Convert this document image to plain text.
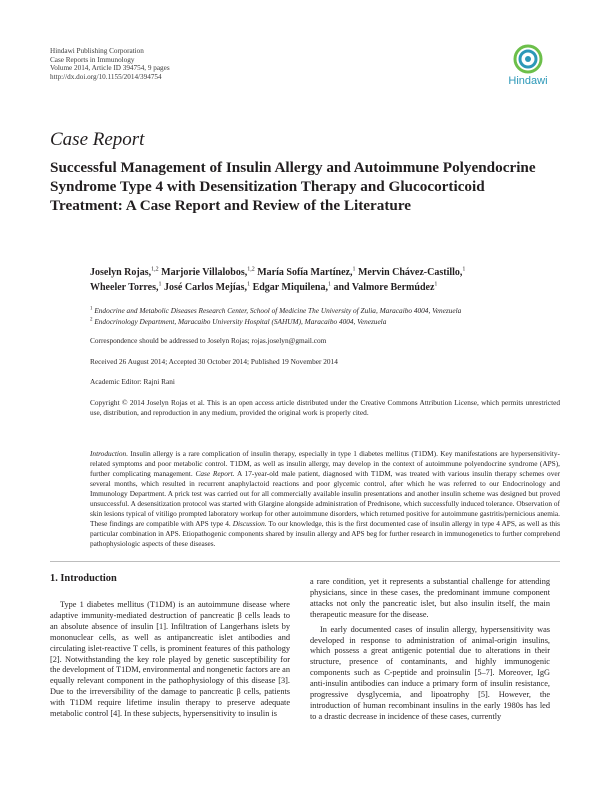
Hindawi Publishing Corporation
Case Reports in Immunology
Volume 2014, Article ID 394754, 9 pages
http://dx.doi.org/10.1155/2014/394754	Hindawi
Case Report
Successful Management of Insulin Allergy and Autoimmune Polyendocrine Syndrome Type 4 with Desensitization Therapy and Glucocorticoid Treatment: A Case Report and Review of the Literature
Joselyn Rojas,$^{1,2}$ Marjorie Villalobos,$^{1,2}$ María Sofía Martínez,$^1$ Mervin Chávez-Castillo,$^1$
Wheeler Torres,$^1$ José Carlos Mejías,$^1$ Edgar Miquilena,$^1$ and Valmore Bermúdez$^1$
$^1$ Endocrine and Metabolic Diseases Research Center, School of Medicine The University of Zulia, Maracaibo 4004, Venezuela
$^2$ Endocrinology Department, Maracaibo University Hospital (SAHUM), Maracaibo 4004, Venezuela
Correspondence should be addressed to Joselyn Rojas; rojas.joselyn@gmail.com
Received 26 August 2014; Accepted 30 October 2014; Published 19 November 2014
Academic Editor: Rajni Rani
Copyright © 2014 Joselyn Rojas et al. This is an open access article distributed under the Creative Commons Attribution License, which permits unrestricted use, distribution, and reproduction in any medium, provided the original work is properly cited.
Introduction. Insulin allergy is a rare complication of insulin therapy, especially in type 1 diabetes mellitus (T1DM). Key manifestations are hypersensitivity-related symptoms and poor metabolic control. T1DM, as well as insulin allergy, may develop in the context of autoimmune polyendocrine syndrome (APS), further complicating management. Case Report. A 17-year-old male patient, diagnosed with T1DM, was treated with various insulin therapy schemes over several months, which resulted in recurrent anaphylactoid reactions and poor glycemic control, after which he was referred to our Endocrinology and Immunology Department. A prick test was carried out for all commercially available insulin presentations and another insulin scheme was designed but proved unsuccessful. A desensitization protocol was started with Glargine alongside administration of Prednisone, which successfully induced tolerance. Observation of skin lesions typical of vitiligo prompted laboratory workup for other autoimmune disorders, which returned positive for autoimmune gastritis/pernicious anemia. These findings are compatible with APS type 4. Discussion. To our knowledge, this is the first documented case of insulin allergy in type 4 APS, as well as this particular combination in APS. Etiopathogenic components shared by insulin allergy and APS beg for further research in immunogenetics to further comprehend pathophysiologic aspects of these diseases.
1. Introduction

Type 1 diabetes mellitus (T1DM) is an autoimmune disease where adaptive immunity-mediated destruction of pancreatic β cells leads to an absolute absence of insulin [1]. Infiltration of Langerhans islets by mononuclear cells, as well as antipancreatic islet antibodies and circulating islet-reactive T cells, is prominent features of this pathology [2]. Notwithstanding the key role played by genetic susceptibility for the development of T1DM, environmental and nongenetic factors are an equally relevant component in the pathophysiology of this disease [3]. Due to the irreversibility of the damage to pancreatic β cells, patients with T1DM require lifetime insulin therapy to preserve adequate metabolic control [4]. In these subjects, hypersensitivity to insulin is

a rare condition, yet it represents a substantial challenge for attending physicians, since in these cases, the predominant immune component attacks not only the pancreatic islet, but also insulin itself, the main therapeutic measure for the disease.

In early documented cases of insulin allergy, hypersensitivity was developed in response to administration of animal-origin insulins, which possess a great antigenic potential due to alterations in their structure, presence of contaminants, and highly immunogenic components such as C-peptide and proinsulin [5–7]. Moreover, IgG anti-insulin antibodies can induce a primary form of insulin resistance, progressive dysglycemia, and lipoatrophy [5]. However, the introduction of human recombinant insulins in the early 1980s has led to a drastic decrease in incidence of these cases, currently
